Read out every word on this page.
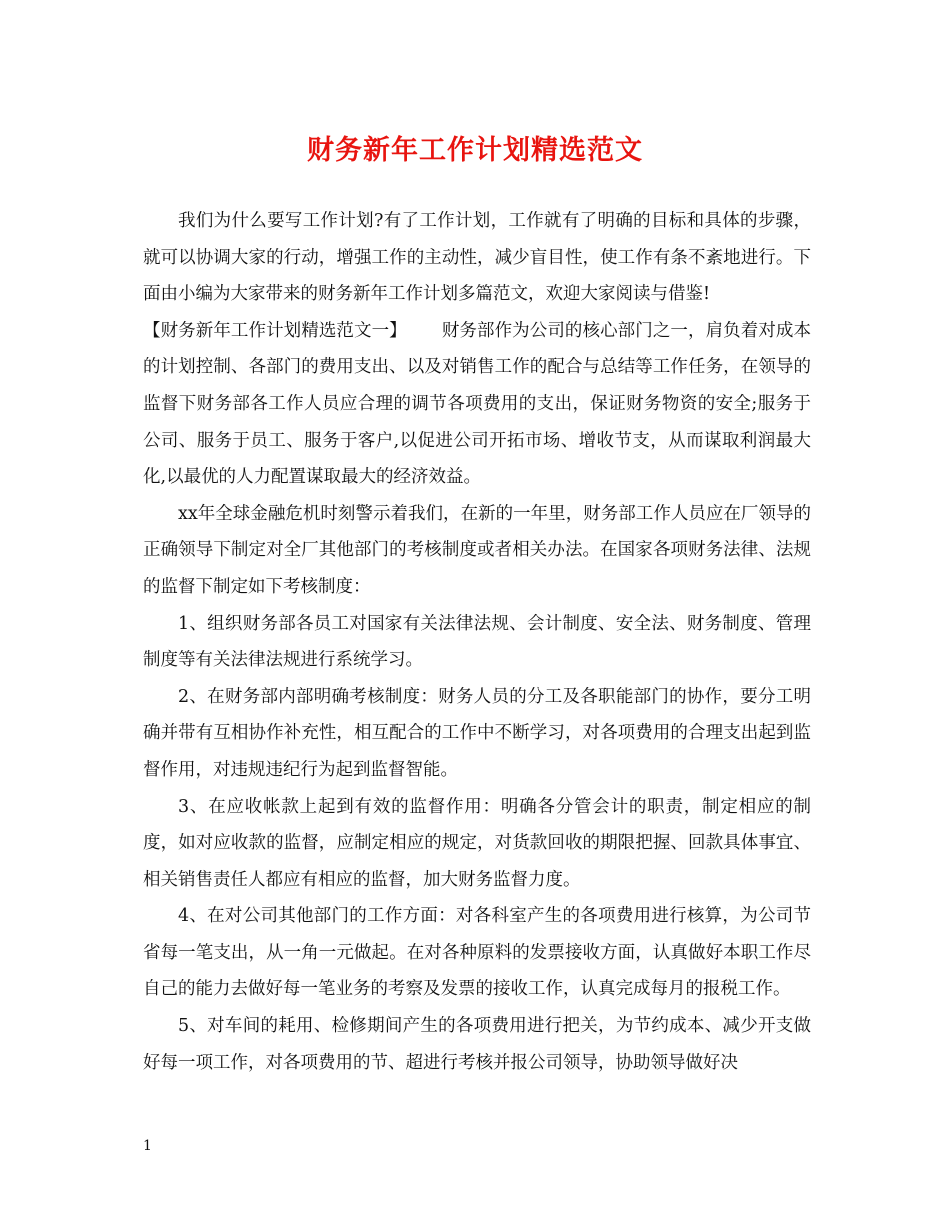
财务新年工作计划精选范文

我们为什么要写工作计划?有了工作计划，工作就有了明确的目标和具体的步骤，就可以协调大家的行动，增强工作的主动性，减少盲目性，使工作有条不紊地进行。下面由小编为大家带来的财务新年工作计划多篇范文，欢迎大家阅读与借鉴!

【财务新年工作计划精选范文一】 财务部作为公司的核心部门之一，肩负着对成本的计划控制、各部门的费用支出、以及对销售工作的配合与总结等工作任务，在领导的监督下财务部各工作人员应合理的调节各项费用的支出，保证财务物资的安全;服务于公司、服务于员工、服务于客户,以促进公司开拓市场、增收节支，从而谋取利润最大化,以最优的人力配置谋取最大的经济效益。

xx年全球金融危机时刻警示着我们，在新的一年里，财务部工作人员应在厂领导的正确领导下制定对全厂其他部门的考核制度或者相关办法。在国家各项财务法律、法规的监督下制定如下考核制度：

1、组织财务部各员工对国家有关法律法规、会计制度、安全法、财务制度、管理制度等有关法律法规进行系统学习。

2、在财务部内部明确考核制度：财务人员的分工及各职能部门的协作，要分工明确并带有互相协作补充性，相互配合的工作中不断学习，对各项费用的合理支出起到监督作用，对违规违纪行为起到监督智能。

3、在应收帐款上起到有效的监督作用：明确各分管会计的职责，制定相应的制度，如对应收款的监督，应制定相应的规定，对货款回收的期限把握、回款具体事宜、相关销售责任人都应有相应的监督，加大财务监督力度。

4、在对公司其他部门的工作方面：对各科室产生的各项费用进行核算，为公司节省每一笔支出，从一角一元做起。在对各种原料的发票接收方面，认真做好本职工作尽自己的能力去做好每一笔业务的考察及发票的接收工作，认真完成每月的报税工作。

5、对车间的耗用、检修期间产生的各项费用进行把关，为节约成本、减少开支做好每一项工作，对各项费用的节、超进行考核并报公司领导，协助领导做好决

1
